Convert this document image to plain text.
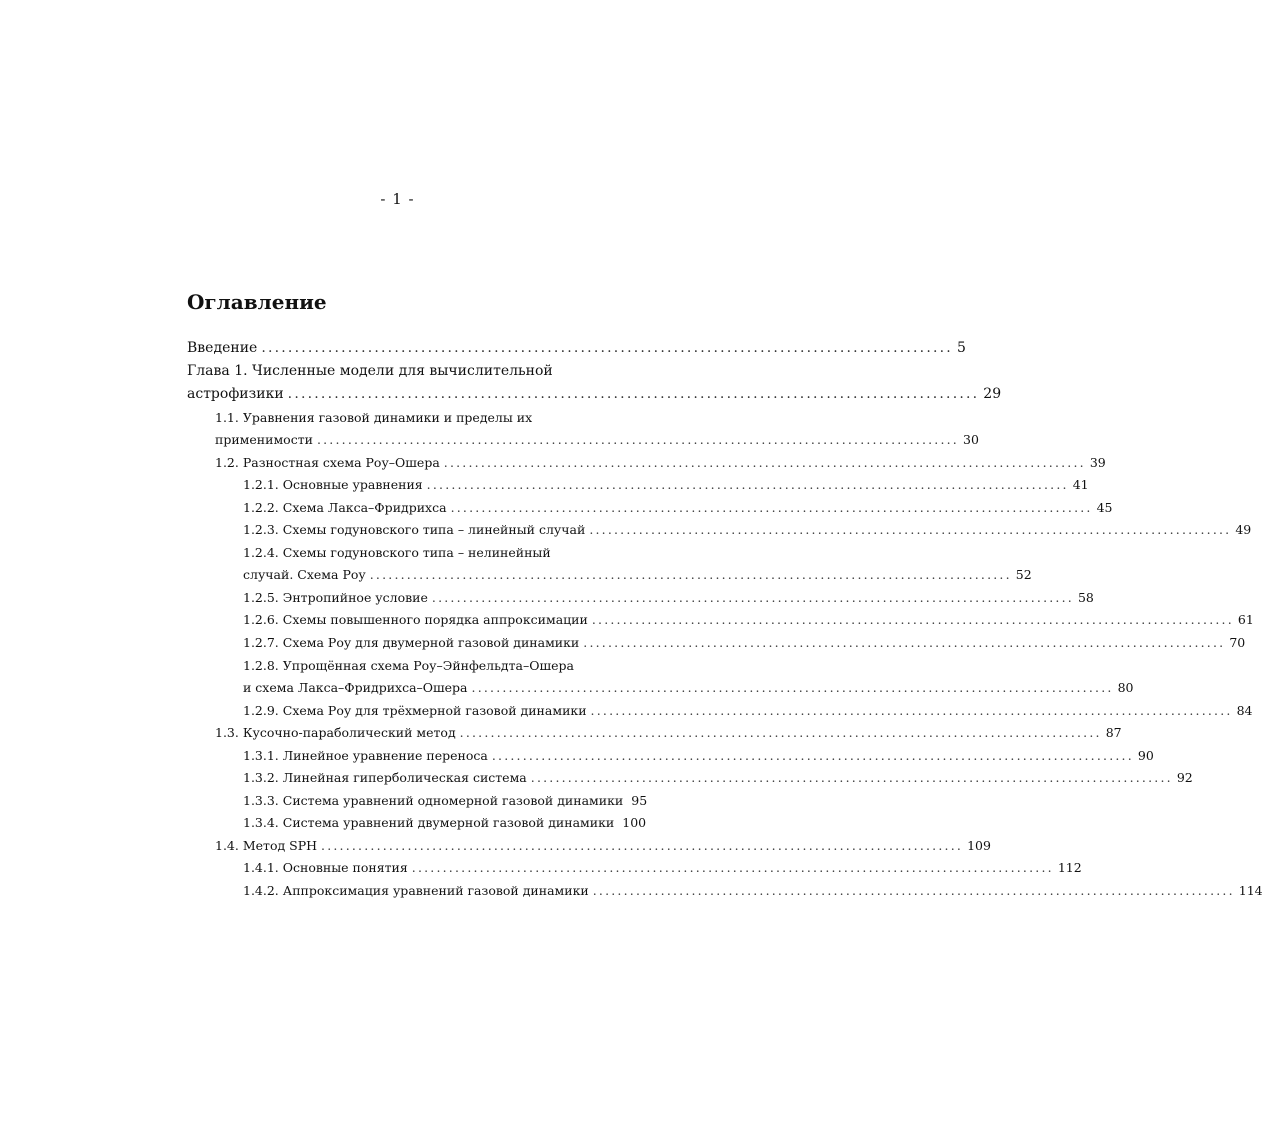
- 1 -
Оглавление
Введение ........................................................................................................ 5
Глава 1. Численные модели для вычислительной
астрофизики ........................................................................................................ 29
1.1. Уравнения газовой динамики и пределы их
применимости ........................................................................................................ 30
1.2. Разностная схема Роу–Ошера ........................................................................................................ 39
1.2.1. Основные уравнения ........................................................................................................ 41
1.2.2. Схема Лакса–Фридрихса ........................................................................................................ 45
1.2.3. Схемы годуновского типа – линейный случай ........................................................................................................ 49
1.2.4. Схемы годуновского типа – нелинейный
случай. Схема Роу ........................................................................................................ 52
1.2.5. Энтропийное условие ........................................................................................................ 58
1.2.6. Схемы повышенного порядка аппроксимации ........................................................................................................ 61
1.2.7. Схема Роу для двумерной газовой динамики ........................................................................................................ 70
1.2.8. Упрощённая схема Роу–Эйнфельдта–Ошера
и схема Лакса–Фридрихса–Ошера ........................................................................................................ 80
1.2.9. Схема Роу для трёхмерной газовой динамики ........................................................................................................ 84
1.3. Кусочно-параболический метод ........................................................................................................ 87
1.3.1. Линейное уравнение переноса ........................................................................................................ 90
1.3.2. Линейная гиперболическая система ........................................................................................................ 92
1.3.3. Система уравнений одномерной газовой динамики 95
1.3.4. Система уравнений двумерной газовой динамики 100
1.4. Метод SPH ........................................................................................................ 109
1.4.1. Основные понятия ........................................................................................................ 112
1.4.2. Аппроксимация уравнений газовой динамики ........................................................................................................ 114
